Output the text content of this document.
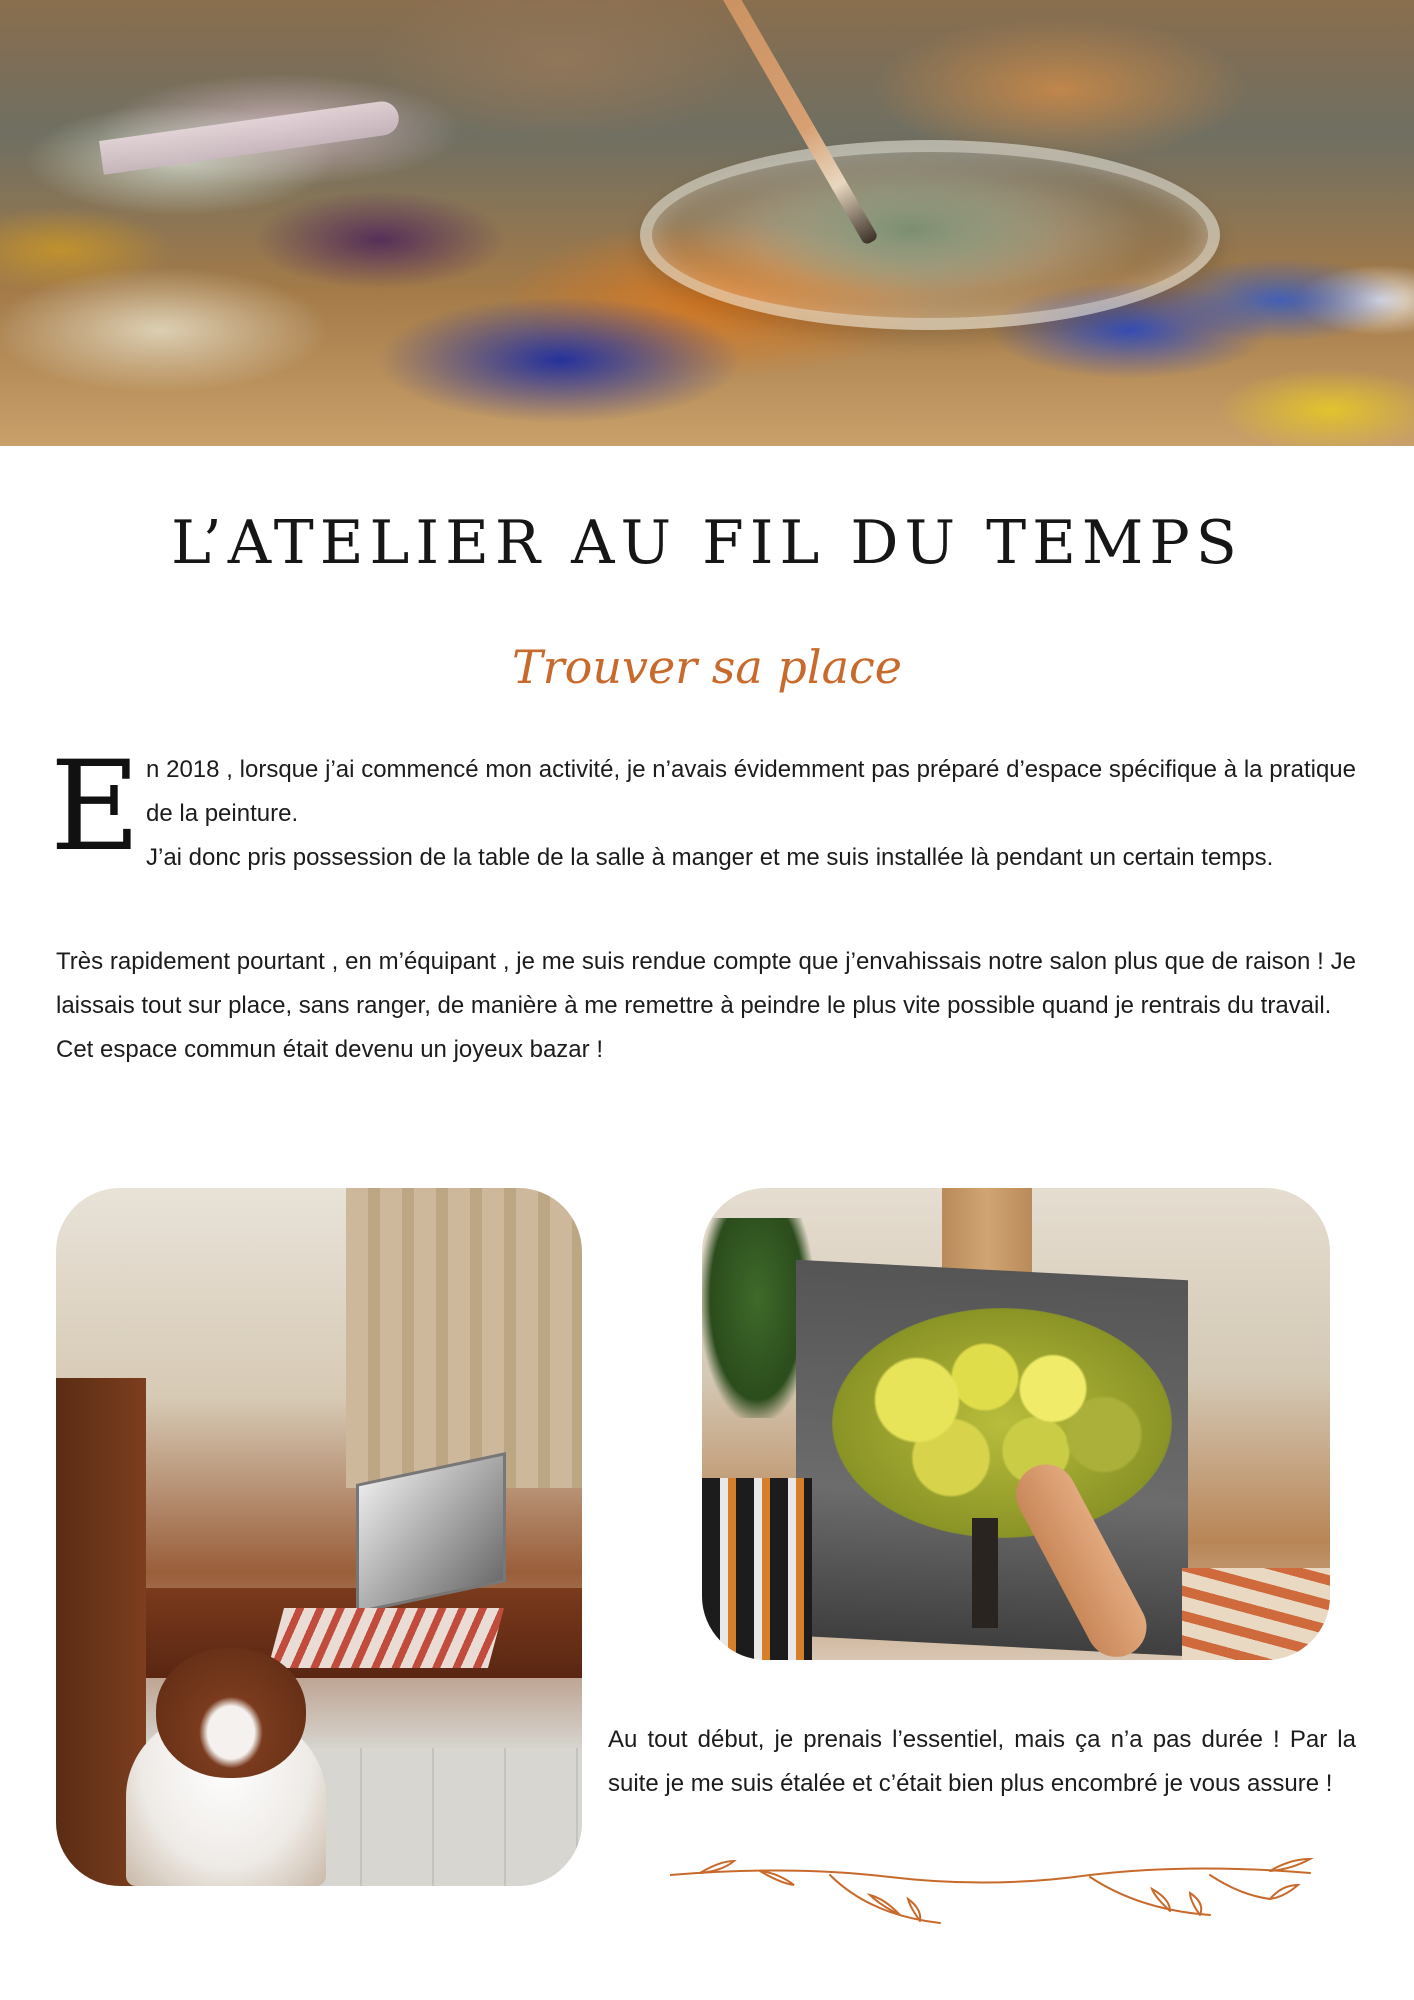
L’ATELIER AU FIL DU TEMPS
Trouver sa place
E n 2018 , lorsque j’ai commencé mon activité, je n’avais évidemment pas préparé d’espace spécifique à la pratique de la peinture.
J’ai donc pris possession de la table de la salle à manger et me suis installée là pendant un certain temps.
Très rapidement pourtant , en m’équipant , je me suis rendue compte que j’envahissais notre salon plus que de raison ! Je laissais tout sur place, sans ranger, de manière à me remettre à peindre le plus vite possible quand je rentrais du travail.
Cet espace commun était devenu un joyeux bazar !
Au tout début, je prenais l’essentiel, mais ça n’a pas durée ! Par la suite je me suis étalée et c’était bien plus encombré je vous assure !
